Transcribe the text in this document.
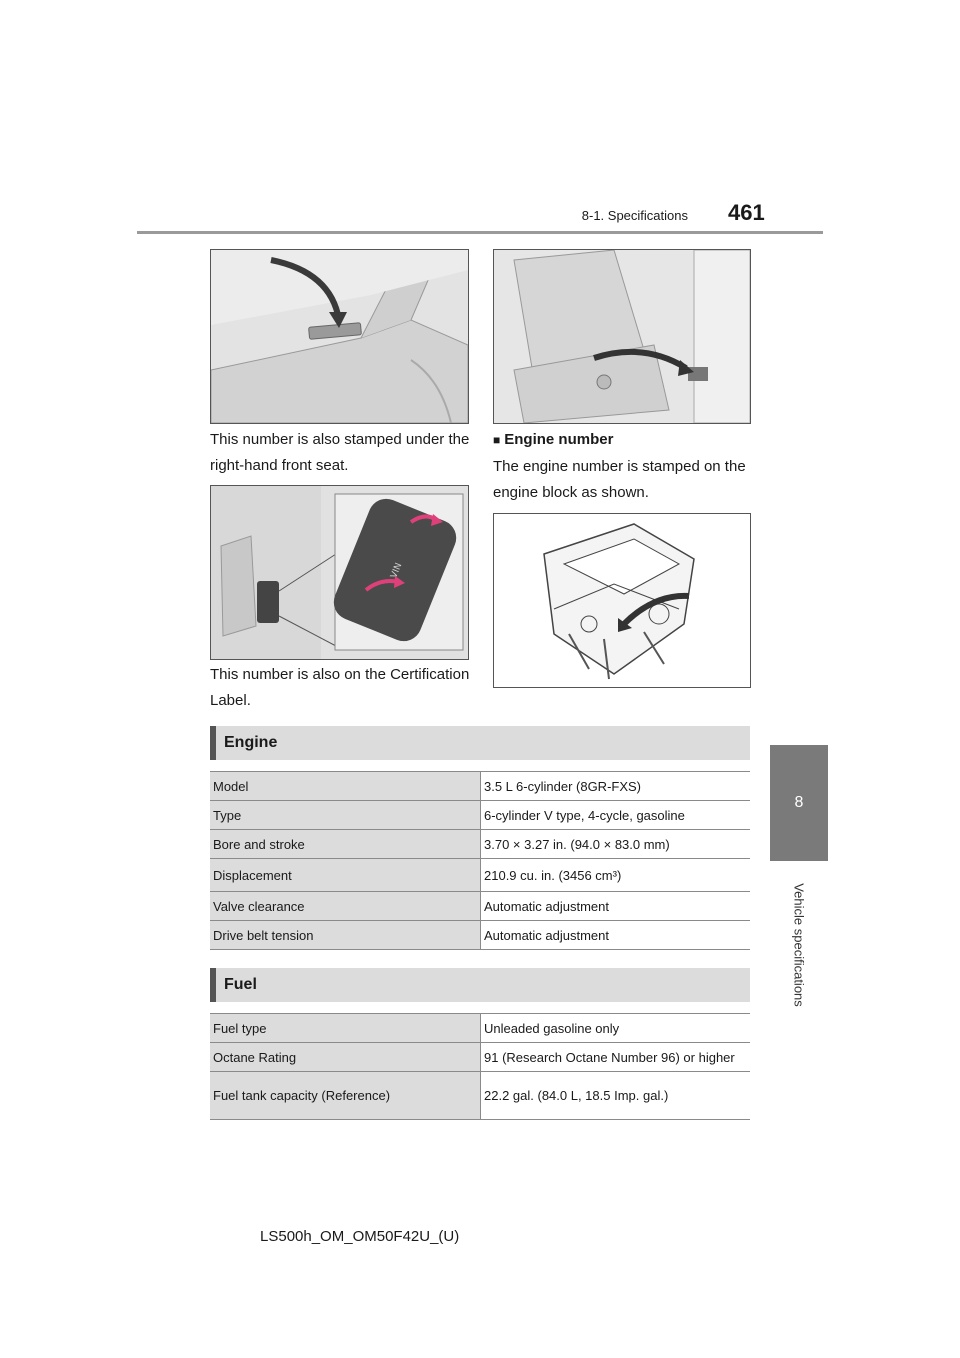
8-1. Specifications 461
8
Vehicle specifications
This number is also stamped under the right-hand front seat.
VIN
This number is also on the Certification Label.
■ Engine number
The engine number is stamped on the engine block as shown.
Engine
Model	3.5 L 6-cylinder (8GR-FXS)
Type	6-cylinder V type, 4-cycle, gasoline
Bore and stroke	3.70 × 3.27 in. (94.0 × 83.0 mm)
Displacement	210.9 cu. in. (3456 cm³)
Valve clearance	Automatic adjustment
Drive belt tension	Automatic adjustment
Fuel
Fuel type	Unleaded gasoline only
Octane Rating	91 (Research Octane Number 96) or higher
Fuel tank capacity (Reference)	22.2 gal. (84.0 L, 18.5 Imp. gal.)
LS500h_OM_OM50F42U_(U)
